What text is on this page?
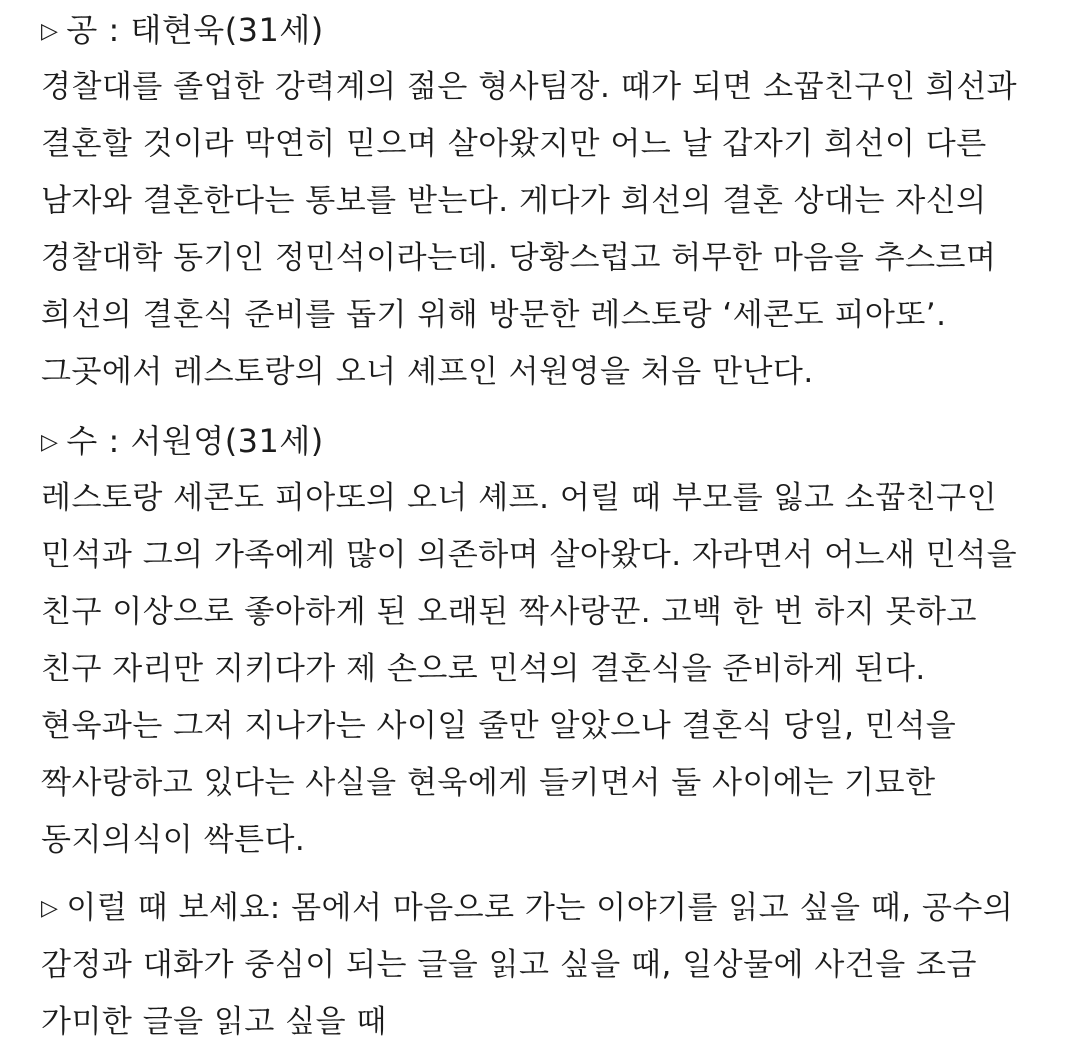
▷ 공 : 태현욱(31세)
경찰대를 졸업한 강력계의 젊은 형사팀장. 때가 되면 소꿉친구인 희선과
결혼할 것이라 막연히 믿으며 살아왔지만 어느 날 갑자기 희선이 다른
남자와 결혼한다는 통보를 받는다. 게다가 희선의 결혼 상대는 자신의
경찰대학 동기인 정민석이라는데. 당황스럽고 허무한 마음을 추스르며
희선의 결혼식 준비를 돕기 위해 방문한 레스토랑 ‘세콘도 피아또’.
그곳에서 레스토랑의 오너 셰프인 서원영을 처음 만난다.
▷ 수 : 서원영(31세)
레스토랑 세콘도 피아또의 오너 셰프. 어릴 때 부모를 잃고 소꿉친구인
민석과 그의 가족에게 많이 의존하며 살아왔다. 자라면서 어느새 민석을
친구 이상으로 좋아하게 된 오래된 짝사랑꾼. 고백 한 번 하지 못하고
친구 자리만 지키다가 제 손으로 민석의 결혼식을 준비하게 된다.
현욱과는 그저 지나가는 사이일 줄만 알았으나 결혼식 당일, 민석을
짝사랑하고 있다는 사실을 현욱에게 들키면서 둘 사이에는 기묘한
동지의식이 싹튼다.
▷ 이럴 때 보세요: 몸에서 마음으로 가는 이야기를 읽고 싶을 때, 공수의
감정과 대화가 중심이 되는 글을 읽고 싶을 때, 일상물에 사건을 조금
가미한 글을 읽고 싶을 때
